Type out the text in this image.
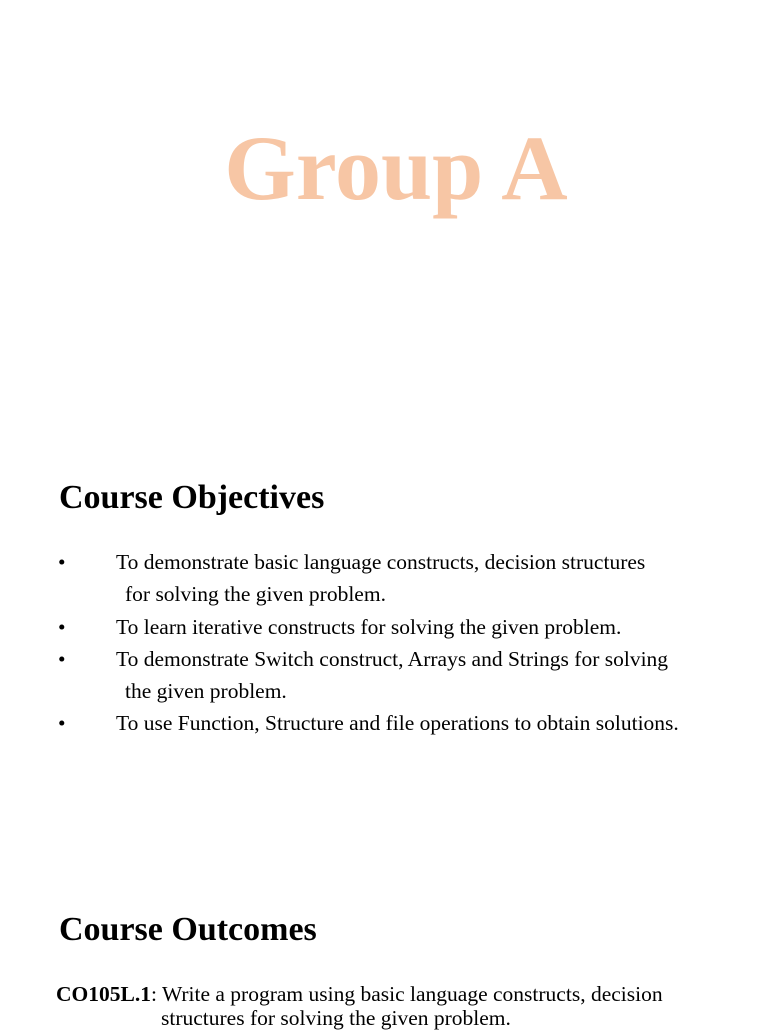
Group A
Course Objectives
• To demonstrate basic language constructs, decision structures
for solving the given problem.
• To learn iterative constructs for solving the given problem.
• To demonstrate Switch construct, Arrays and Strings for solving
the given problem.
• To use Function, Structure and file operations to obtain solutions.
Course Outcomes
CO105L.1: Write a program using basic language constructs, decision
structures for solving the given problem.
